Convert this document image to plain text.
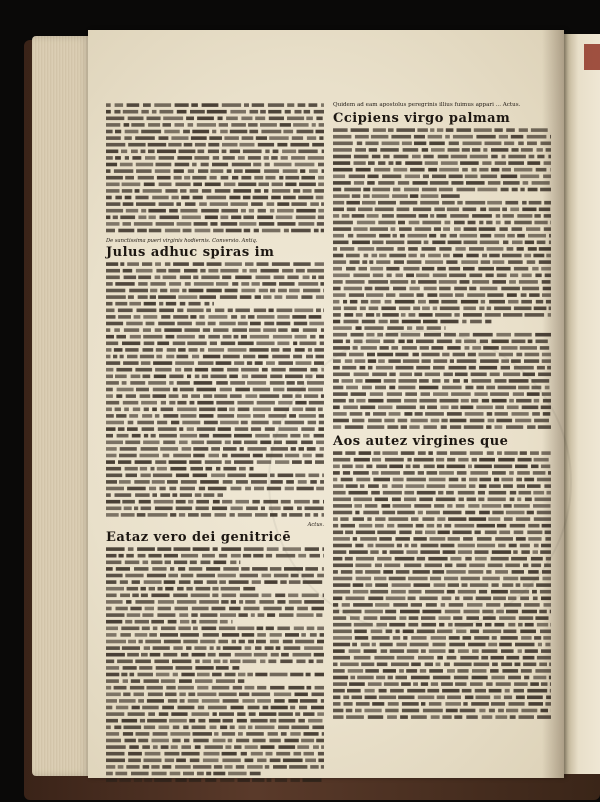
De sanctissima pueri virginis hodiernis. Conversio. Antiq.
Julus adhuc spiras im
Actus.
Eataz vero dei genitricē
Quidem ad eam apostolus peregrinis illius fuimus appari ... Actus.
Ccipiens virgo palmam
Aos autez virgines que
